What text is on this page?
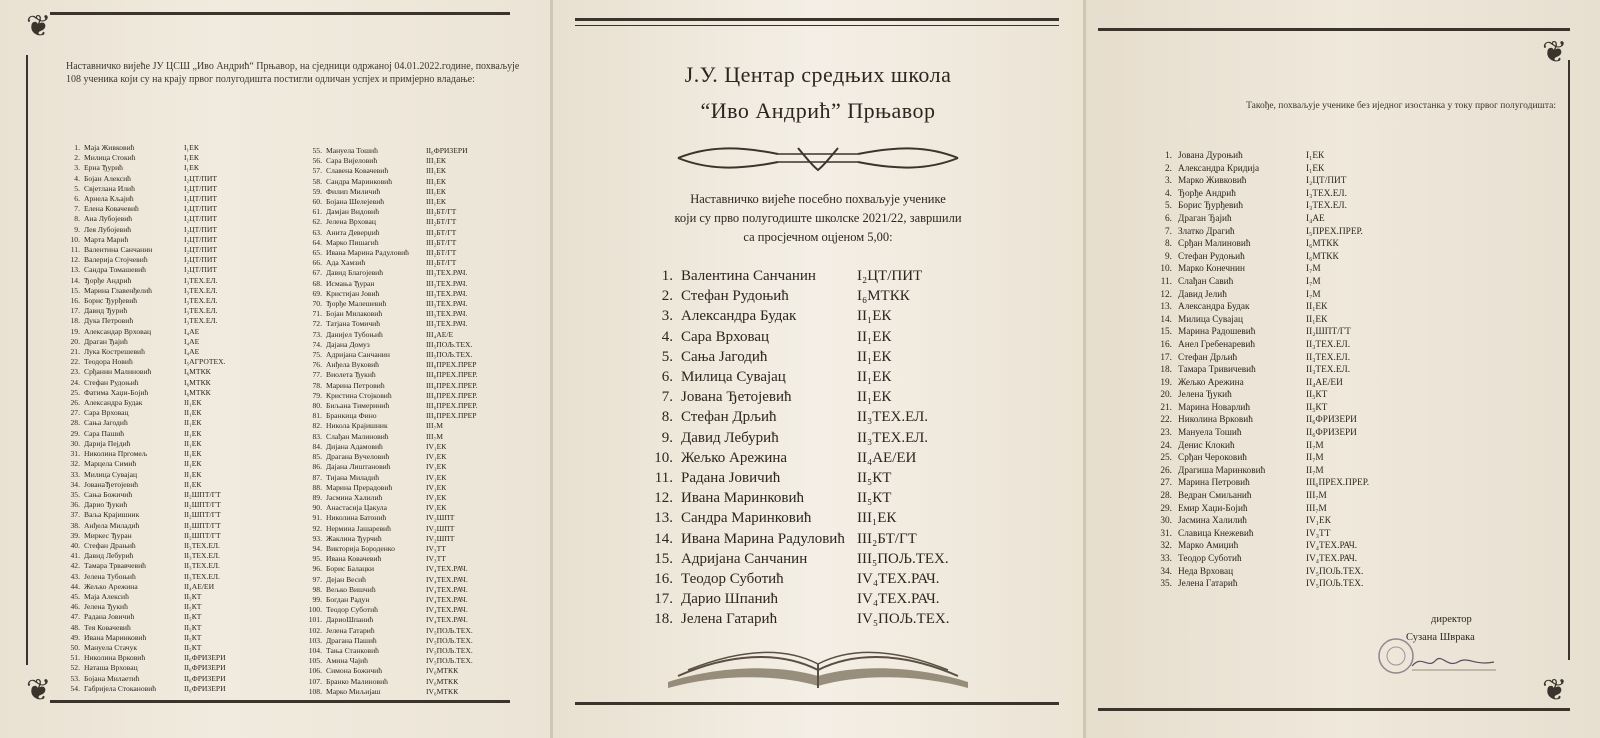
❦
❦
Наставничко вијеће ЈУ ЦСШ „Иво Андрић“ Прњавор, на сједници одржаној 04.01.2022.године, похваљује 108 ученика који су на крају првог полугодишта постигли одличан успјех и примјерно владање:
1. Маја Живковић	I₁ЕК
2. Милица Стокић	I₁ЕК
3. Ерна Ђурић	I₁ЕК
4. Бојан Алексић	I₂ЦТ/ПИТ
5. Свјетлана Илић	I₂ЦТ/ПИТ
6. Арнела Кљајић	I₂ЦТ/ПИТ
7. Елена Ковачевић	I₂ЦТ/ПИТ
8. Ана Лубојевић	I₂ЦТ/ПИТ
9. Лея Лубојевић	I₂ЦТ/ПИТ
10. Марта Марић	I₂ЦТ/ПИТ
11. Валентина Санчанин	I₂ЦТ/ПИТ
12. Валерија Стојчевић	I₂ЦТ/ПИТ
13. Сандра Томашевић	I₂ЦТ/ПИТ
14. Ђорђе Андрић	I₃ТЕХ.ЕЛ.
15. Марина Главенђелић	I₃ТЕХ.ЕЛ.
16. Борис Ђурђевић	I₃ТЕХ.ЕЛ.
17. Давид Ђурић	I₃ТЕХ.ЕЛ.
18. Дука Петровић	I₃ТЕХ.ЕЛ.
19. Александар Врховац	I₄АЕ
20. Драган Ђајић	I₄АЕ
21. Лука Кострешевић	I₄АЕ
22. Теодора Новић	I₅АГРОТЕХ.
23. Срђанин Малиновић	I₆МТКК
24. Стефан Рудоњић	I₆МТКК
25. Фатима Хаџи-Бојић	I₆МТКК
26. Александра Будак	II₁ЕК
27. Сара Врховац	II₁ЕК
28. Сања Јагодић	II₁ЕК
29. Сара Пашић	II₁ЕК
30. Дарија Пејдић	II₁ЕК
31. Николина Пргомељ	II₁ЕК
32. Марцела Симић	II₁ЕК
33. Милица Сувајац	II₁ЕК
34. ЈованаЂетојевић	II₁ЕК
35. Сања Божичић	II₂ШПТ/ГТ
36. Дарио Ђукић	II₂ШПТ/ГТ
37. Ваља Крајишник	II₂ШПТ/ГТ
38. Анђела Миладић	II₂ШПТ/ГТ
39. Миркес Ђуран	II₂ШПТ/ГТ
40. Стефан Драњић	II₃ТЕХ.ЕЛ.
41. Давид Лебурић	II₃ТЕХ.ЕЛ.
42. Тамара Трвавчевић	II₃ТЕХ.ЕЛ.
43. Јелена Тубоњић	II₃ТЕХ.ЕЛ.
44. Жељко Арежина	II₄АЕ/ЕИ
45. Маја Алексић	II₅КТ
46. Јелена Ђукић	II₅КТ
47. Радана Јовичић	II₅КТ
48. Тея Ковачевић	II₅КТ
49. Ивана Маринковић	II₅КТ
50. Мануела Стачук	II₅КТ
51. Николина Врковић	II₆ФРИЗЕРИ
52. Наташа Врховац	II₆ФРИЗЕРИ
53. Бојана Милаетић	II₆ФРИЗЕРИ
54. Габријела Стокановић	II₆ФРИЗЕРИ
55. Мануела Тошић	II₆ФРИЗЕРИ
56. Сара Вијеловић	III₁ЕК
57. Славена Ковачевић	III₁ЕК
58. Сандра Маринковић	III₁ЕК
59. Филип Миличић	III₁ЕК
60. Бојана Шелејевић	III₁ЕК
61. Дамјан Видовић	III₂БТ/ГТ
62. Јелена Врховац	III₂БТ/ГТ
63. Анита Деверџић	III₂БТ/ГТ
64. Марко Пишагић	III₂БТ/ГТ
65. Ивана Марина Радуловић	III₂БТ/ГТ
66. Ада Хамзић	III₂БТ/ГТ
67. Давид Благојевић	III₃ТЕХ.РАЧ.
68. Исмања Ђуран	III₃ТЕХ.РАЧ.
69. Кристијан Јовић	III₃ТЕХ.РАЧ.
70. Ђорђе Малешевић	III₃ТЕХ.РАЧ.
71. Бојан Милаковић	III₃ТЕХ.РАЧ.
72. Татјана Томичић	III₃ТЕХ.РАЧ.
73. Данијел Тубоњић	III₄АЕ/Е
74. Дајана Домуз	III₅ПОЉ.ТЕХ.
75. Адријана Санчанин	III₅ПОЉ.ТЕХ.
76. Анђела Вуковић	III₆ПРЕХ.ПРЕР
77. Виолета Ђукић	III₆ПРЕХ.ПРЕР.
78. Марина Петровић	III₆ПРЕХ.ПРЕР.
79. Кристина Стојковић	III₆ПРЕХ.ПРЕР.
80. Биљана Тимеринић	III₆ПРЕХ.ПРЕР.
81. Бранкица Фино	III₆ПРЕХ.ПРЕР
82. Никола Крајишник	III₇М
83. Слађан Малиновић	III₇М
84. Дијана Адамовић	IV₁ЕК
85. Драгана Вучеловић	IV₁ЕК
86. Дајана Лиштановић	IV₁ЕК
87. Тијана Миладић	IV₁ЕК
88. Марина Прерадовић	IV₁ЕК
89. Јасмина Халилић	IV₁ЕК
90. Анастасија Цакула	IV₁ЕК
91. Николина Батонић	IV₂ШПТ
92. Нермина Јашаревић	IV₂ШПТ
93. Жаклина Ђурчић	IV₂ШПТ
94. Викторија Бороденко	IV₃ТТ
95. Ивана Ковачевић	IV₃ТТ
96. Борис Балацки	IV₄ТЕХ.РАЧ.
97. Дејан Весић	IV₄ТЕХ.РАЧ.
98. Вељко Вишчић	IV₄ТЕХ.РАЧ.
99. Богдан Радун	IV₄ТЕХ.РАЧ.
100. Теодор Суботић	IV₄ТЕХ.РАЧ.
101. ДариоШпанић	IV₄ТЕХ.РАЧ.
102. Јелена Гатарић	IV₅ПОЉ.ТЕХ.
103. Драгана Пашић	IV₅ПОЉ.ТЕХ.
104. Тања Станковић	IV₅ПОЉ.ТЕХ.
105. Амина Чајић	IV₅ПОЉ.ТЕХ.
106. Симона Божичић	IV₆МТКК
107. Бранко Малиновић	IV₆МТКК
108. Марко Миљијаш	IV₆МТКК
Ј.У. Центар средњих школа
“Иво Андрић” Прњавор
Наставничко вијеће посебно похваљује ученике
који су прво полугодиште школске 2021/22, завршили
са просјечном оцјеном 5,00:
1. Валентина Санчанин	I₂ЦТ/ПИТ
2. Стефан Рудоњић	I₆МТКК
3. Александра Будак	II₁ЕК
4. Сара Врховац	II₁ЕК
5. Сања Јагодић	II₁ЕК
6. Милица Сувајац	II₁ЕК
7. Јована Ђетојевић	II₁ЕК
8. Стефан Дрљић	II₃ТЕХ.ЕЛ.
9. Давид Лебурић	II₃ТЕХ.ЕЛ.
10. Жељко Арежина	II₄АЕ/ЕИ
11. Радана Јовичић	II₅КТ
12. Ивана Маринковић	II₅КТ
13. Сандра Маринковић	III₁ЕК
14. Ивана Марина Радуловић III₂БТ/ГТ
15. Адријана Санчанин	III₅ПОЉ.ТЕХ.
16. Теодор Суботић	IV₄ТЕХ.РАЧ.
17. Дарио Шпанић	IV₄ТЕХ.РАЧ.
18. Јелена Гатарић	IV₅ПОЉ.ТЕХ.
❦
❦
Такође, похваљује ученике без иједног изостанка у току првог полугодишта:
1. Јована Дуроњић	I₁ЕК
2. Александра Кридија	I₁ЕК
3. Марко Живковић	I₂ЦТ/ПИТ
4. Ђорђе Андрић	I₃ТЕХ.ЕЛ.
5. Борис Ђурђевић	I₃ТЕХ.ЕЛ.
6. Драган Ђајић	I₄АЕ
7. Златко Драгић	I₅ПРЕХ.ПРЕР.
8. Срђан Малиновић	I₆МТКК
9. Стефан Рудоњић	I₆МТКК
10. Марко Конечнин	I₇М
11. Слађан Савић	I₇М
12. Давид Јелић	I₇М
13. Александра Будак	II₁ЕК
14. Милица Сувајац	II₁ЕК
15. Марина Радошевић	II₂ШПТ/ГТ
16. Анел Гребенаревић	II₃ТЕХ.ЕЛ.
17. Стефан Дрљић	II₃ТЕХ.ЕЛ.
18. Тамара Тривичевић	II₃ТЕХ.ЕЛ.
19. Жељко Арежина	II₄АЕ/ЕИ
20. Јелена Ђукић	II₅КТ
21. Марина Новарлић	II₅КТ
22. Николина Врковић	II₆ФРИЗЕРИ
23. Мануела Тошић	II₆ФРИЗЕРИ
24. Денис Клокић	II₇М
25. Срђан Чероковић	II₇М
26. Драгиша Маринковић	II₇М
27. Марина Петровић	III₆ПРЕХ.ПРЕР.
28. Ведран Смиљанић	III₇М
29. Емир Хаџи-Бојић	III₇М
30. Јасмина Халилић	IV₁ЕК
31. Славица Кнежевић	IV₃ТТ
32. Марко Амиџић	IV₄ТЕХ.РАЧ.
33. Теодор Суботић	IV₄ТЕХ.РАЧ.
34. Неда Врховац	IV₅ПОЉ.ТЕХ.
35. Јелена Гатарић	IV₅ПОЉ.ТЕХ.
директор
Сузана Шврака
